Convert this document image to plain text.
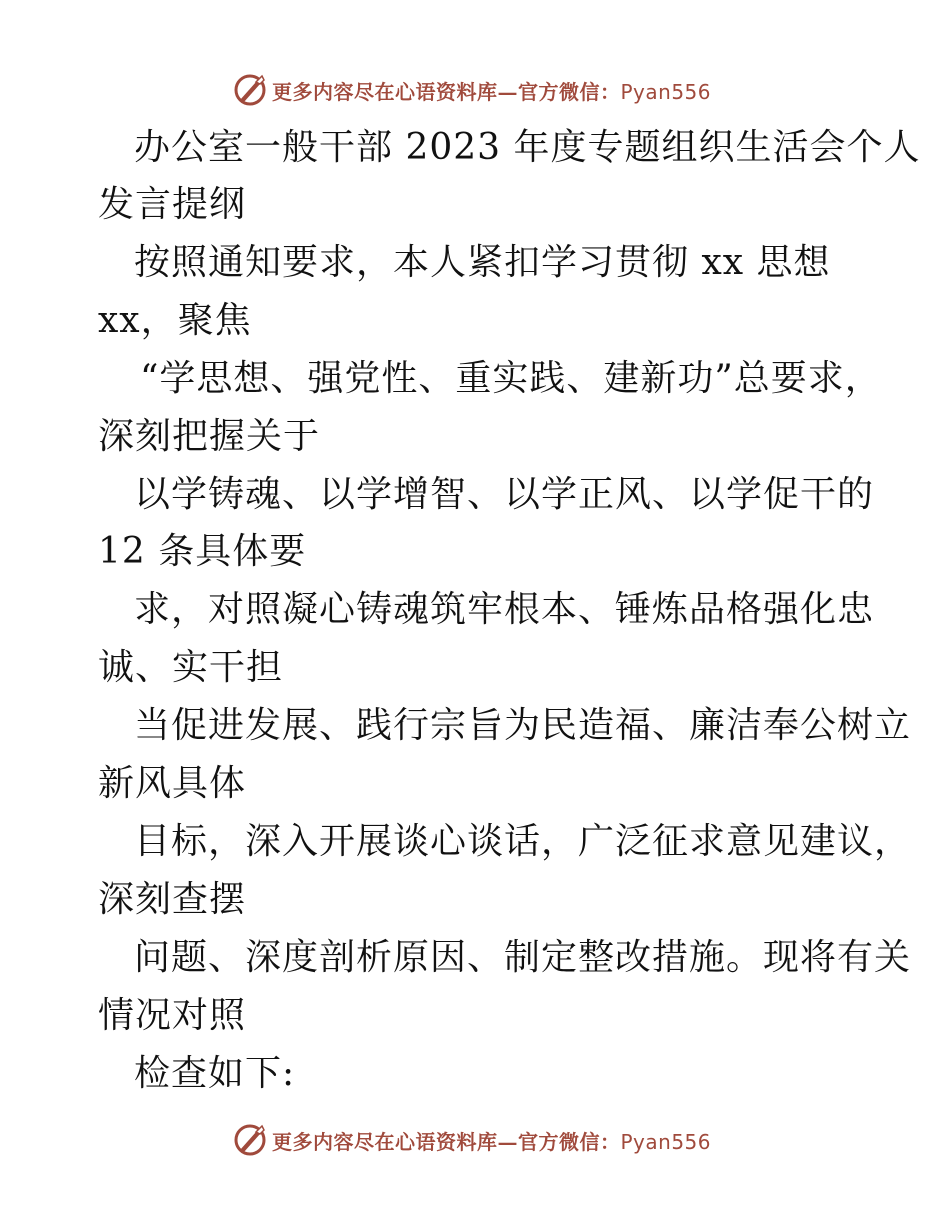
更多内容尽在心语资料库—官方微信：Pyan556
办公室一般干部 2023 年度专题组织生活会个人
发言提纲
按照通知要求，本人紧扣学习贯彻 xx 思想
xx，聚焦
“学思想、强党性、重实践、建新功”总要求，
深刻把握关于
以学铸魂、以学增智、以学正风、以学促干的
12 条具体要
求，对照凝心铸魂筑牢根本、锤炼品格强化忠
诚、实干担
当促进发展、践行宗旨为民造福、廉洁奉公树立
新风具体
目标，深入开展谈心谈话，广泛征求意见建议，
深刻查摆
问题、深度剖析原因、制定整改措施。现将有关
情况对照
检查如下:
更多内容尽在心语资料库—官方微信：Pyan556
